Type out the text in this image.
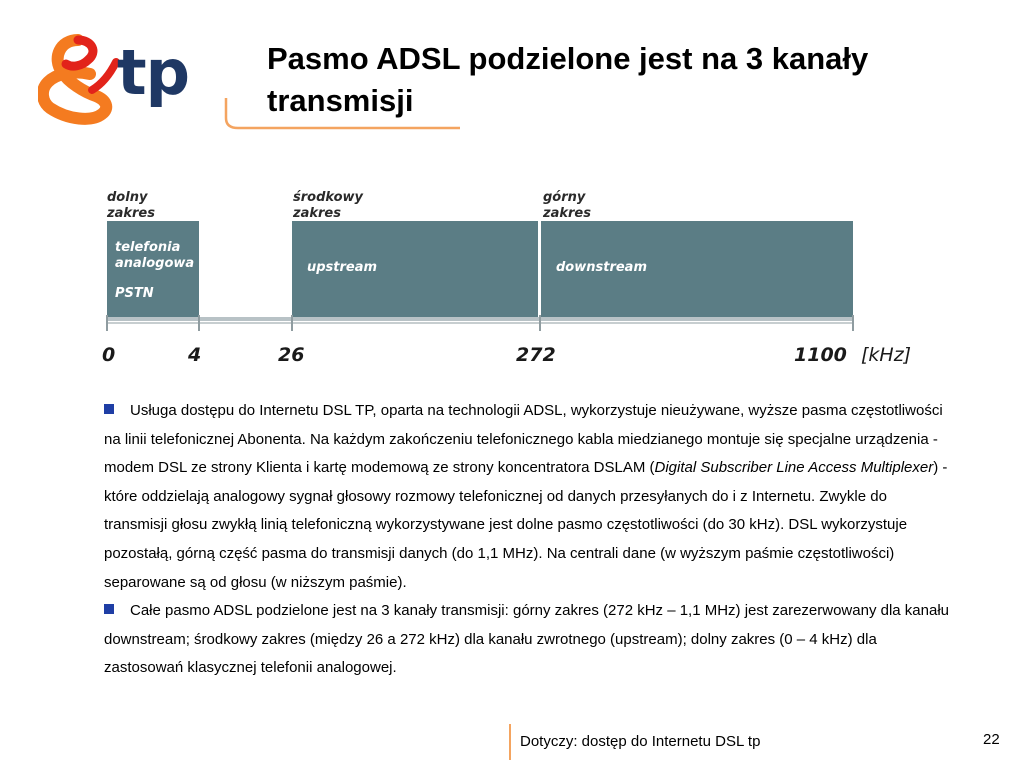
tp	Pasmo ADSL podzielone jest na 3 kanały transmisji
dolny
zakres
środkowy
zakres
górny
zakres
telefonia
analogowa
PSTN
upstream	downstream
0	4	26	272	1100 [kHz]

Usługa dostępu do Internetu DSL TP, oparta na technologii ADSL, wykorzystuje nieużywane, wyższe pasma częstotliwości na linii telefonicznej Abonenta. Na każdym zakończeniu telefonicznego kabla miedzianego montuje się specjalne urządzenia - modem DSL ze strony Klienta i kartę modemową ze strony koncentratora DSLAM (Digital Subscriber Line Access Multiplexer) - które oddzielają analogowy sygnał głosowy rozmowy telefonicznej od danych przesyłanych do i z Internetu. Zwykle do transmisji głosu zwykłą linią telefoniczną wykorzystywane jest dolne pasmo częstotliwości (do 30 kHz). DSL wykorzystuje pozostałą, górną część pasma do transmisji danych (do 1,1 MHz). Na centrali dane (w wyższym paśmie częstotliwości) separowane są od głosu (w niższym paśmie).

Całe pasmo ADSL podzielone jest na 3 kanały transmisji: górny zakres (272 kHz – 1,1 MHz) jest zarezerwowany dla kanału downstream; środkowy zakres (między 26 a 272 kHz) dla kanału zwrotnego (upstream); dolny zakres (0 – 4 kHz) dla zastosowań klasycznej telefonii analogowej.

Dotyczy: dostęp do Internetu DSL tp	22
